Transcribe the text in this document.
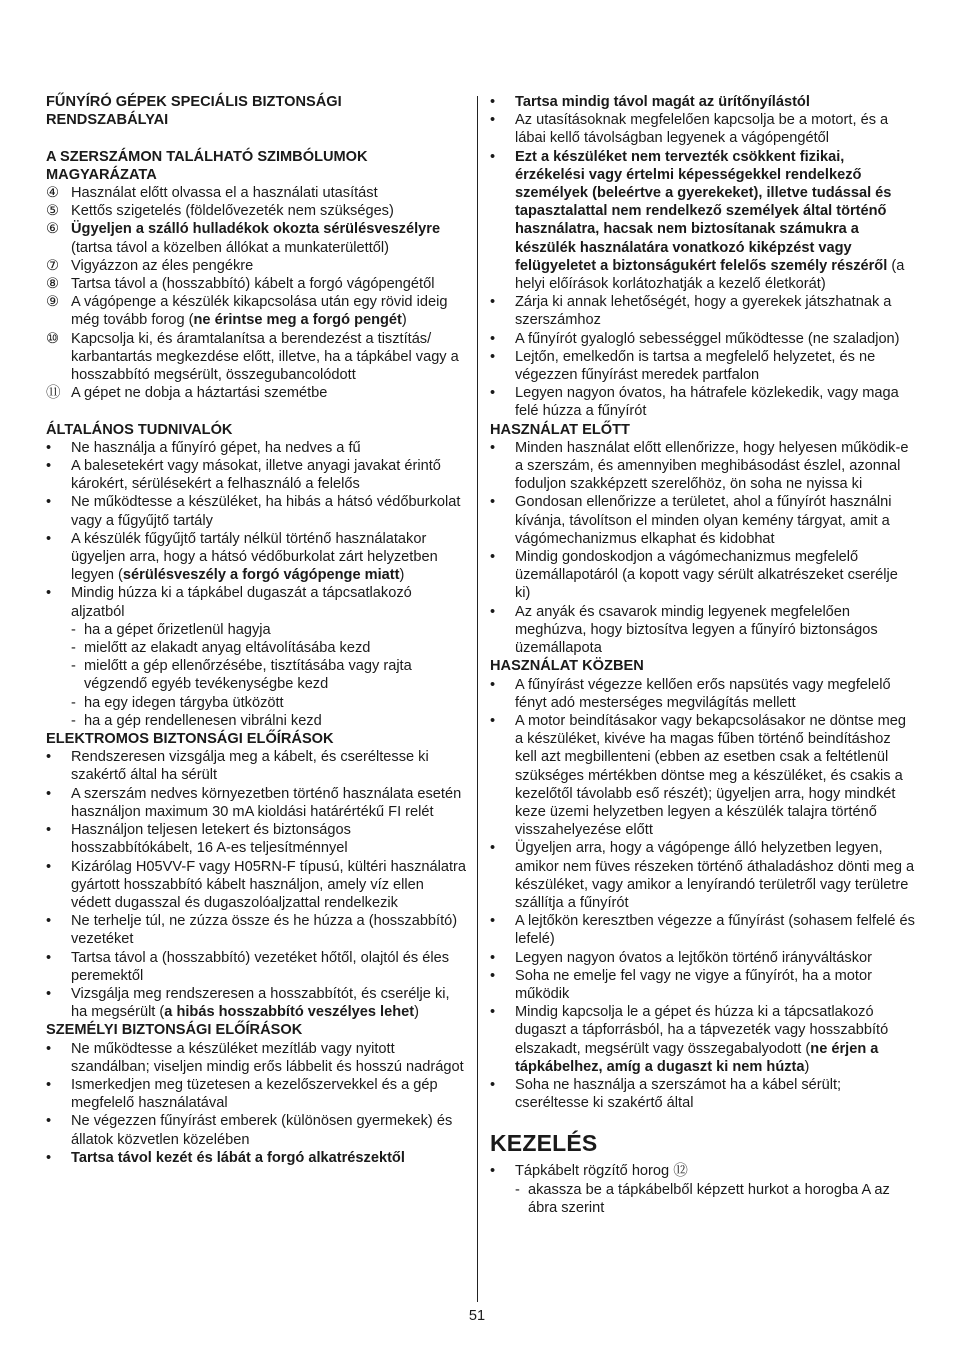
FŰNYÍRÓ GÉPEK SPECIÁLIS BIZTONSÁGI
RENDSZABÁLYAI
A SZERSZÁMON TALÁLHATÓ SZIMBÓLUMOK
MAGYARÁZATA
④ Használat előtt olvassa el a használati utasítást
⑤ Kettős szigetelés (földelővezeték nem szükséges)
⑥ Ügyeljen a szálló hulladékok okozta sérülésveszélyre (tartsa távol a közelben állókat a munkaterülettől)
⑦ Vigyázzon az éles pengékre
⑧ Tartsa távol a (hosszabbító) kábelt a forgó vágópengétől
⑨ A vágópenge a készülék kikapcsolása után egy rövid ideig még tovább forog (ne érintse meg a forgó pengét)
⑩ Kapcsolja ki, és áramtalanítsa a berendezést a tisztítás/ karbantartás megkezdése előtt, illetve, ha a tápkábel vagy a hosszabbító megsérült, összegubancolódott
⑪ A gépet ne dobja a háztartási szemétbe
ÁLTALÁNOS TUDNIVALÓK
•	Ne használja a fűnyíró gépet, ha nedves a fű
•	A balesetekért vagy másokat, illetve anyagi javakat érintő károkért, sérülésekért a felhasználó a felelős
•	Ne működtesse a készüléket, ha hibás a hátsó védőburkolat vagy a fűgyűjtő tartály
•	A készülék fűgyűjtő tartály nélkül történő használatakor ügyeljen arra, hogy a hátsó védőburkolat zárt helyzetben legyen (sérülésveszély a forgó vágópenge miatt)
•	Mindig húzza ki a tápkábel dugaszát a tápcsatlakozó aljzatból
- ha a gépet őrizetlenül hagyja
- mielőtt az elakadt anyag eltávolításába kezd
- mielőtt a gép ellenőrzésébe, tisztításába vagy rajta végzendő egyéb tevékenységbe kezd
- ha egy idegen tárgyba ütközött
- ha a gép rendellenesen vibrálni kezd
ELEKTROMOS BIZTONSÁGI ELŐÍRÁSOK
•	Rendszeresen vizsgálja meg a kábelt, és cseréltesse ki szakértő által ha sérült
•	A szerszám nedves környezetben történő használata esetén használjon maximum 30 mA kioldási határértékű FI relét
•	Használjon teljesen letekert és biztonságos hosszabbítókábelt, 16 A-es teljesítménnyel
•	Kizárólag H05VV-F vagy H05RN-F típusú, kültéri használatra gyártott hosszabbító kábelt használjon, amely víz ellen védett dugasszal és dugaszolóaljzattal rendelkezik
•	Ne terhelje túl, ne zúzza össze és he húzza a (hosszabbító) vezetéket
•	Tartsa távol a (hosszabbító) vezetéket hőtől, olajtól és éles peremektől
•	Vizsgálja meg rendszeresen a hosszabbítót, és cserélje ki, ha megsérült (a hibás hosszabbító veszélyes lehet)
SZEMÉLYI BIZTONSÁGI ELŐÍRÁSOK
•	Ne működtesse a készüléket mezítláb vagy nyitott szandálban; viseljen mindig erős lábbelit és hosszú nadrágot
•	Ismerkedjen meg tüzetesen a kezelőszervekkel és a gép megfelelő használatával
•	Ne végezzen fűnyírást emberek (különösen gyermekek) és állatok közvetlen közelében
•	Tartsa távol kezét és lábát a forgó alkatrészektől
•	Tartsa mindig távol magát az ürítőnyílástól
•	Az utasításoknak megfelelően kapcsolja be a motort, és a lábai kellő távolságban legyenek a vágópengétől
•	Ezt a készüléket nem tervezték csökkent fizikai, érzékelési vagy értelmi képességekkel rendelkező személyek (beleértve a gyerekeket), illetve tudással és tapasztalattal nem rendelkező személyek által történő használatra, hacsak nem biztosítanak számukra a készülék használatára vonatkozó kiképzést vagy felügyeletet a biztonságukért felelős személy részéről (a helyi előírások korlátozhatják a kezelő életkorát)
•	Zárja ki annak lehetőségét, hogy a gyerekek játszhatnak a szerszámhoz
•	A fűnyírót gyalogló sebességgel működtesse (ne szaladjon)
•	Lejtőn, emelkedőn is tartsa a megfelelő helyzetet, és ne végezzen fűnyírást meredek partfalon
•	Legyen nagyon óvatos, ha hátrafele közlekedik, vagy maga felé húzza a fűnyírót
HASZNÁLAT ELŐTT
•	Minden használat előtt ellenőrizze, hogy helyesen működik-e a szerszám, és amennyiben meghibásodást észlel, azonnal foduljon szakképzett szerelőhöz, ön soha ne nyissa ki
•	Gondosan ellenőrizze a területet, ahol a fűnyírót használni kívánja, távolítson el minden olyan kemény tárgyat, amit a vágómechanizmus elkaphat és kidobhat
•	Mindig gondoskodjon a vágómechanizmus megfelelő üzemállapotáról (a kopott vagy sérült alkatrészeket cserélje ki)
•	Az anyák és csavarok mindig legyenek megfelelően meghúzva, hogy biztosítva legyen a fűnyíró biztonságos üzemállapota
HASZNÁLAT KÖZBEN
•	A fűnyírást végezze kellően erős napsütés vagy megfelelő fényt adó mesterséges megvilágítás mellett
•	A motor beindításakor vagy bekapcsolásakor ne döntse meg a készüléket, kivéve ha magas fűben történő beindításhoz kell azt megbillenteni (ebben az esetben csak a feltétlenül szükséges mértékben döntse meg a készüléket, és csakis a kezelőtől távolabb eső részét); ügyeljen arra, hogy mindkét keze üzemi helyzetben legyen a készülék talajra történő visszahelyezése előtt
•	Ügyeljen arra, hogy a vágópenge álló helyzetben legyen, amikor nem füves részeken történő áthaladáshoz dönti meg a készüléket, vagy amikor a lenyírandó területről vagy területre szállítja a fűnyírót
•	A lejtőkön keresztben végezze a fűnyírást (sohasem felfelé és lefelé)
•	Legyen nagyon óvatos a lejtőkön történő irányváltáskor
•	Soha ne emelje fel vagy ne vigye a fűnyírót, ha a motor működik
•	Mindig kapcsolja le a gépet és húzza ki a tápcsatlakozó dugaszt a tápforrásból, ha a tápvezeték vagy hosszabbító elszakadt, megsérült vagy összegabalyodott (ne érjen a tápkábelhez, amíg a dugaszt ki nem húzta)
•	Soha ne használja a szerszámot ha a kábel sérült; cseréltesse ki szakértő által
KEZELÉS
•	Tápkábelt rögzítő horog ⑫
- akassza be a tápkábelből képzett hurkot a horogba A az ábra szerint
51
